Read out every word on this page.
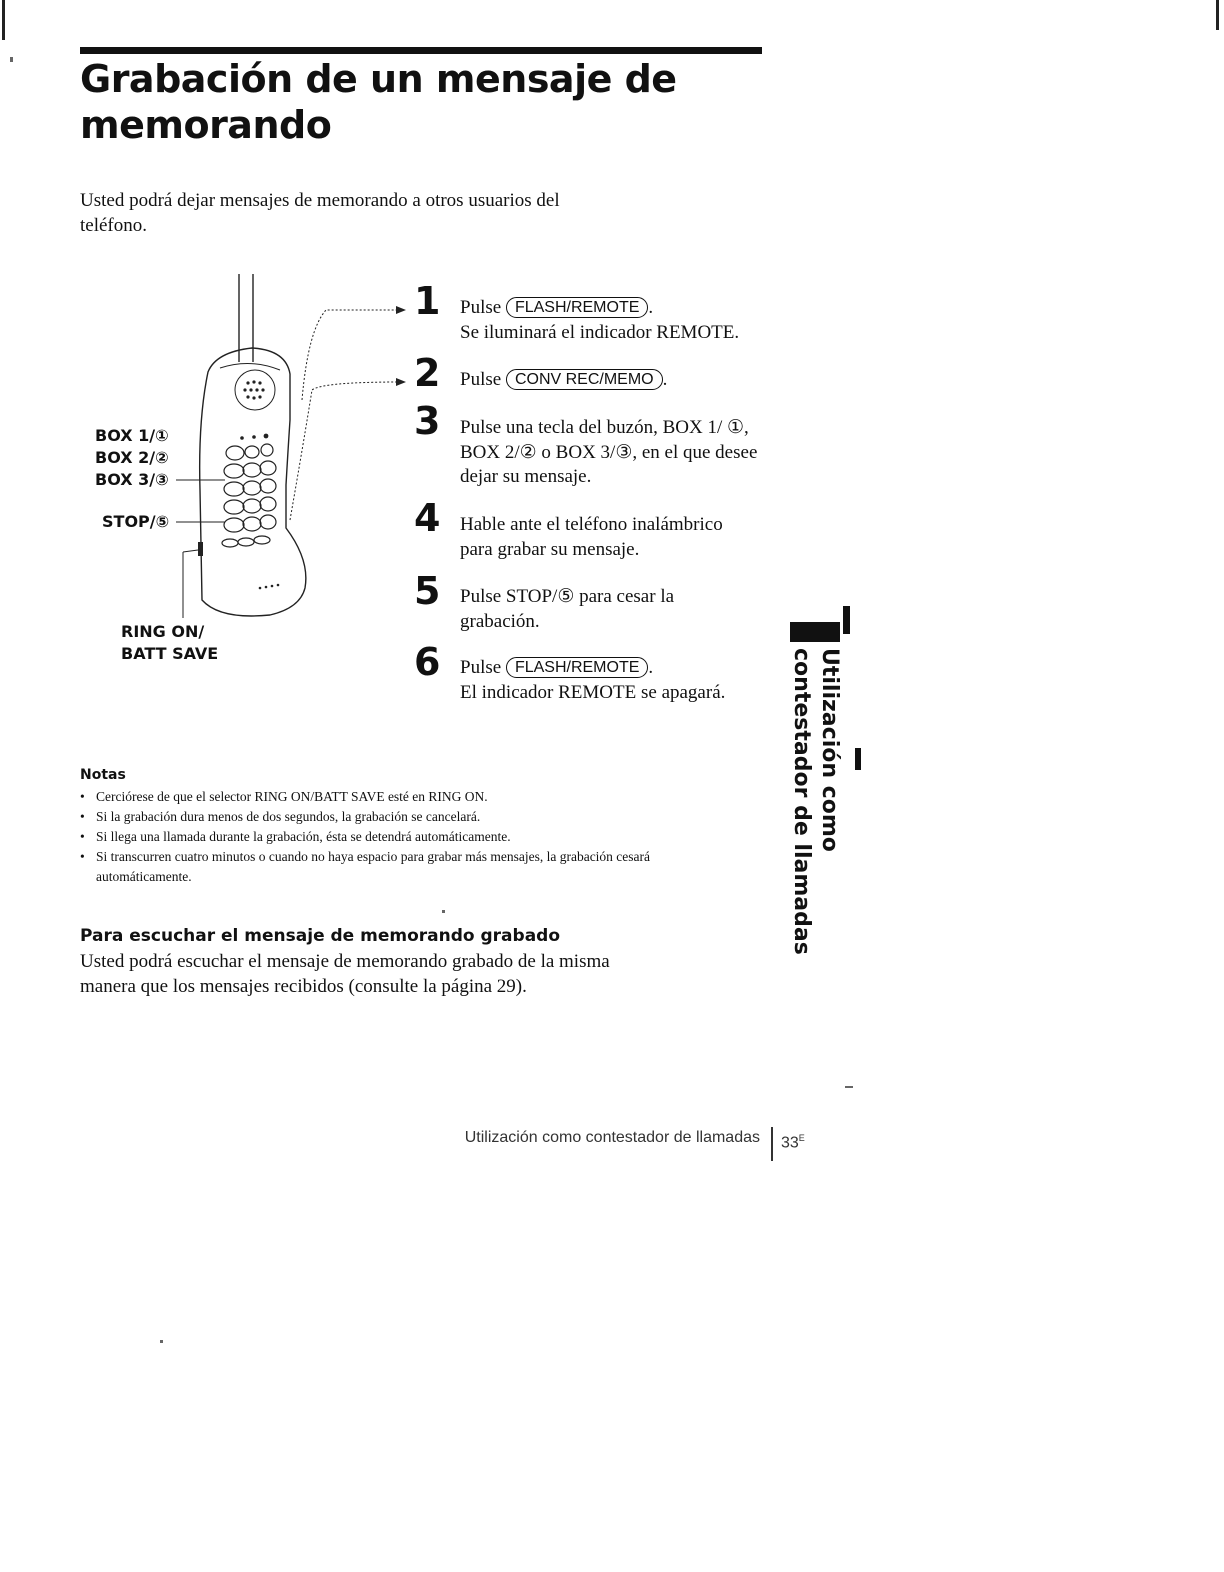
Grabación de un mensaje de
memorando
Usted podrá dejar mensajes de memorando a otros usuarios del teléfono.
BOX 1/①
BOX 2/②
BOX 3/③
STOP/⑤
RING ON/
BATT SAVE
1 Pulse FLASH/REMOTE .
Se iluminará el indicador REMOTE.
2 Pulse CONV REC/MEMO .
3 Pulse una tecla del buzón, BOX 1/ ①, BOX 2/② o BOX 3/③, en el que desee dejar su mensaje.
4 Hable ante el teléfono inalámbrico para grabar su mensaje.
5 Pulse STOP/⑤ para cesar la grabación.
6 Pulse FLASH/REMOTE .
El indicador REMOTE se apagará.
Notas
• Cerciórese de que el selector RING ON/BATT SAVE esté en RING ON.
• Si la grabación dura menos de dos segundos, la grabación se cancelará.
• Si llega una llamada durante la grabación, ésta se detendrá automáticamente.
• Si transcurren cuatro minutos o cuando no haya espacio para grabar más mensajes, la grabación cesará automáticamente.
Para escuchar el mensaje de memorando grabado
Usted podrá escuchar el mensaje de memorando grabado de la misma manera que los mensajes recibidos (consulte la página 29).
Utilización como
contestador de llamadas
Utilización como contestador de llamadas $33^E$
